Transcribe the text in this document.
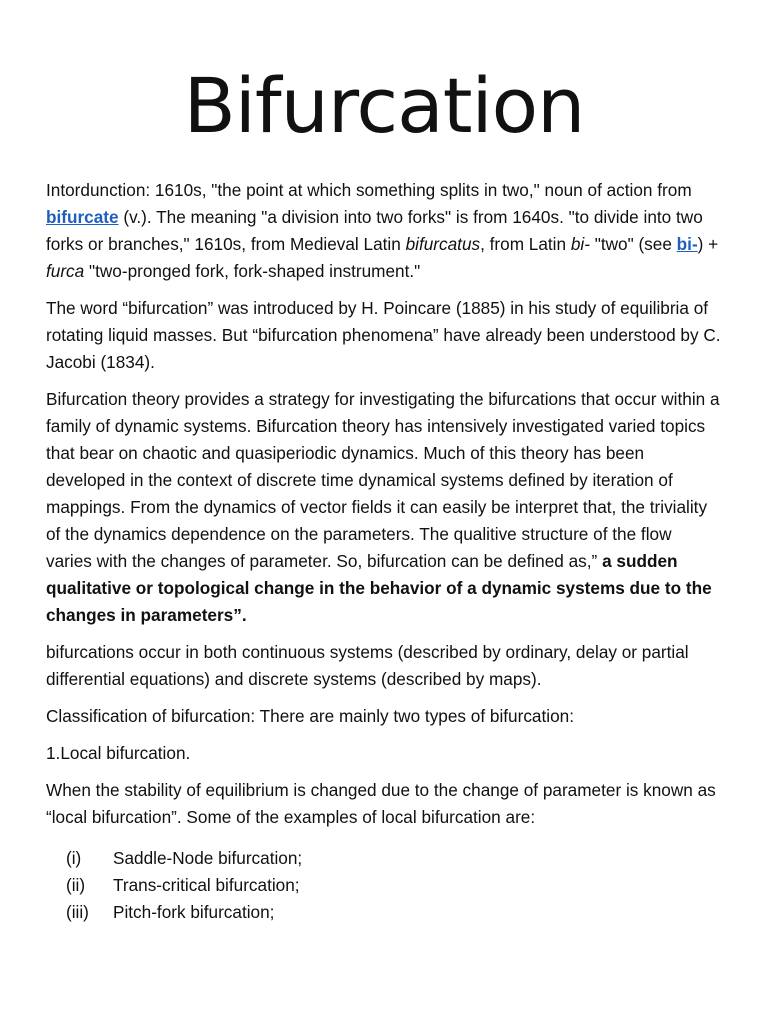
Bifurcation

Intordunction: 1610s, "the point at which something splits in two," noun of action from bifurcate (v.). The meaning "a division into two forks" is from 1640s. "to divide into two forks or branches," 1610s, from Medieval Latin bifurcatus, from Latin bi- "two" (see bi-) + furca "two-pronged fork, fork-shaped instrument."

The word “bifurcation” was introduced by H. Poincare (1885) in his study of equilibria of rotating liquid masses. But “bifurcation phenomena” have already been understood by C. Jacobi (1834).

Bifurcation theory provides a strategy for investigating the bifurcations that occur within a family of dynamic systems. Bifurcation theory has intensively investigated varied topics that bear on chaotic and quasiperiodic dynamics. Much of this theory has been developed in the context of discrete time dynamical systems defined by iteration of mappings. From the dynamics of vector fields it can easily be interpret that, the triviality of the dynamics dependence on the parameters. The qualitive structure of the flow varies with the changes of parameter. So, bifurcation can be defined as,” a sudden qualitative or topological change in the behavior of a dynamic systems due to the changes in parameters”.

bifurcations occur in both continuous systems (described by ordinary, delay or partial differential equations) and discrete systems (described by maps).

Classification of bifurcation: There are mainly two types of bifurcation:

1.Local bifurcation.

When the stability of equilibrium is changed due to the change of parameter is known as “local bifurcation”. Some of the examples of local bifurcation are:

(i)	Saddle-Node bifurcation;
(ii)	Trans-critical bifurcation;
(iii)	Pitch-fork bifurcation;
